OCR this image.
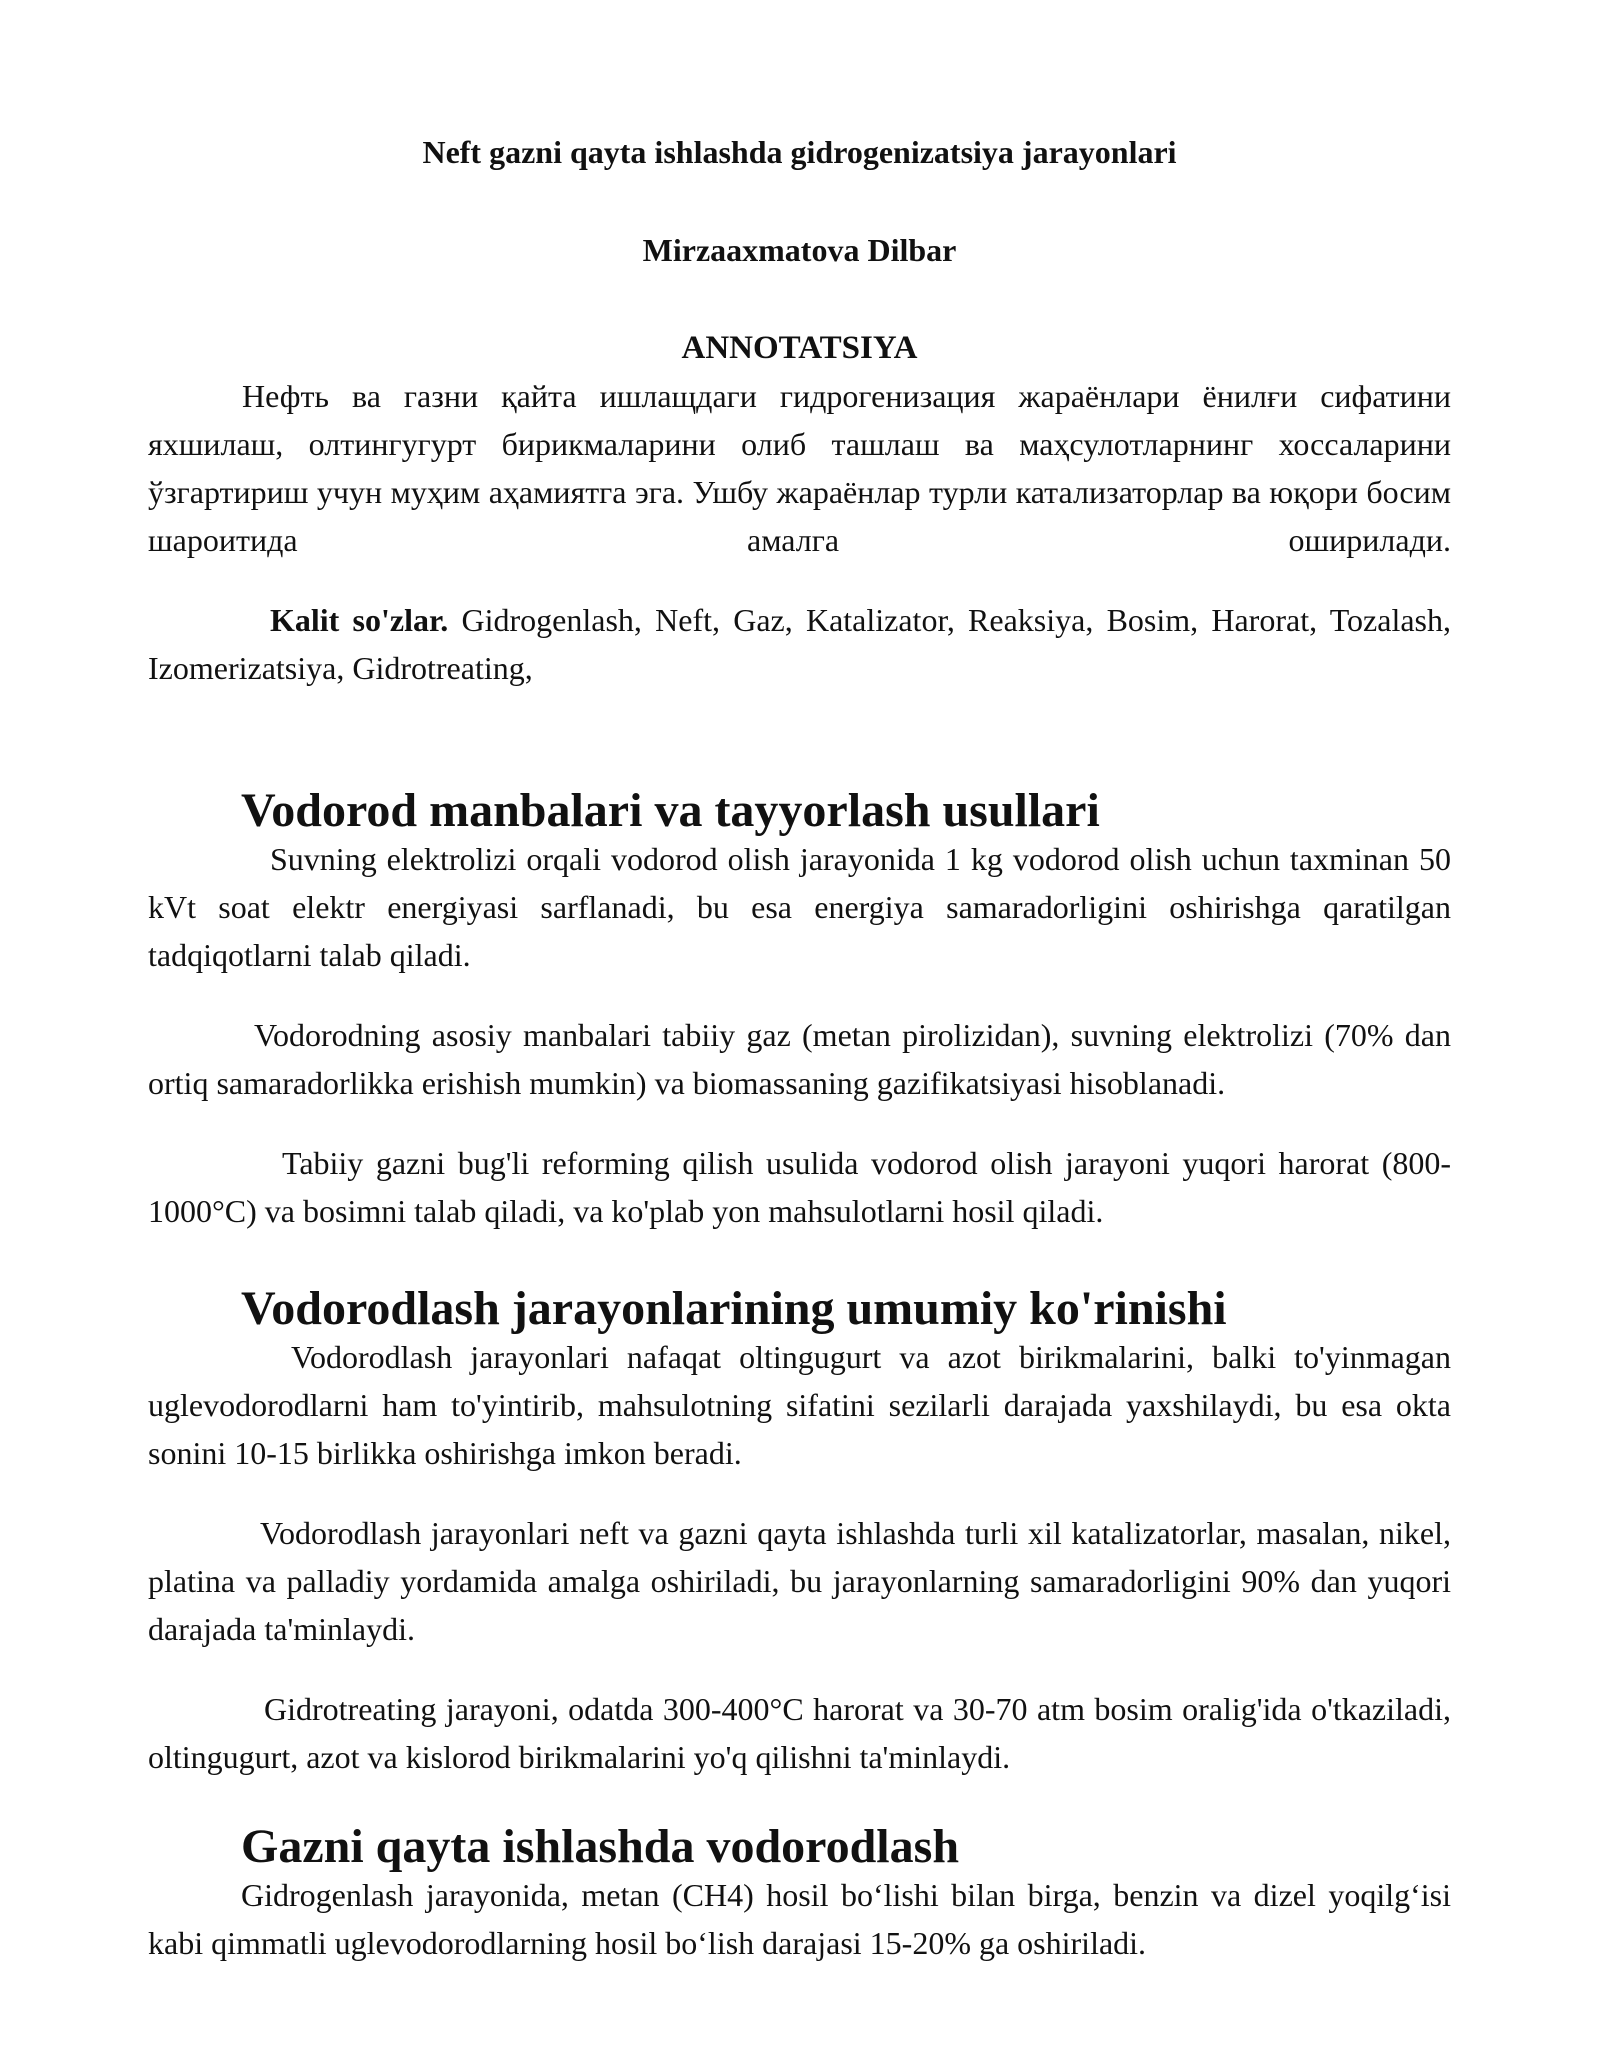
Neft gazni qayta ishlashda gidrogenizatsiya jarayonlari
Mirzaaxmatova Dilbar
ANNOTATSIYA

Нефть ва газни қайта ишлащдаги гидрогенизация жараёнлари ёнилғи сифатини яхшилаш, олтингугурт бирикмаларини олиб ташлаш ва маҳсулотларнинг хоссаларини ўзгартириш учун муҳим аҳамиятга эга. Ушбу жараёнлар турли катализаторлар ва юқори босим шароитида амалга оширилади.

Kalit so'zlar. Gidrogenlash, Neft, Gaz, Katalizator, Reaksiya, Bosim, Harorat, Tozalash, Izomerizatsiya, Gidrotreating,

Vodorod manbalari va tayyorlash usullari

Suvning elektrolizi orqali vodorod olish jarayonida 1 kg vodorod olish uchun taxminan 50 kVt soat elektr energiyasi sarflanadi, bu esa energiya samaradorligini oshirishga qaratilgan tadqiqotlarni talab qiladi.

Vodorodning asosiy manbalari tabiiy gaz (metan pirolizidan), suvning elektrolizi (70% dan ortiq samaradorlikka erishish mumkin) va biomassaning gazifikatsiyasi hisoblanadi.

Tabiiy gazni bug'li reforming qilish usulida vodorod olish jarayoni yuqori harorat (800-1000°C) va bosimni talab qiladi, va ko'plab yon mahsulotlarni hosil qiladi.

Vodorodlash jarayonlarining umumiy ko'rinishi

Vodorodlash jarayonlari nafaqat oltingugurt va azot birikmalarini, balki to'yinmagan uglevodorodlarni ham to'yintirib, mahsulotning sifatini sezilarli darajada yaxshilaydi, bu esa okta sonini 10-15 birlikka oshirishga imkon beradi.

Vodorodlash jarayonlari neft va gazni qayta ishlashda turli xil katalizatorlar, masalan, nikel, platina va palladiy yordamida amalga oshiriladi, bu jarayonlarning samaradorligini 90% dan yuqori darajada ta'minlaydi.

Gidrotreating jarayoni, odatda 300-400°C harorat va 30-70 atm bosim oralig'ida o'tkaziladi, oltingugurt, azot va kislorod birikmalarini yo'q qilishni ta'minlaydi.

Gazni qayta ishlashda vodorodlash

Gidrogenlash jarayonida, metan (CH4) hosil boʻlishi bilan birga, benzin va dizel yoqilgʻisi kabi qimmatli uglevodorodlarning hosil boʻlish darajasi 15-20% ga oshiriladi.
